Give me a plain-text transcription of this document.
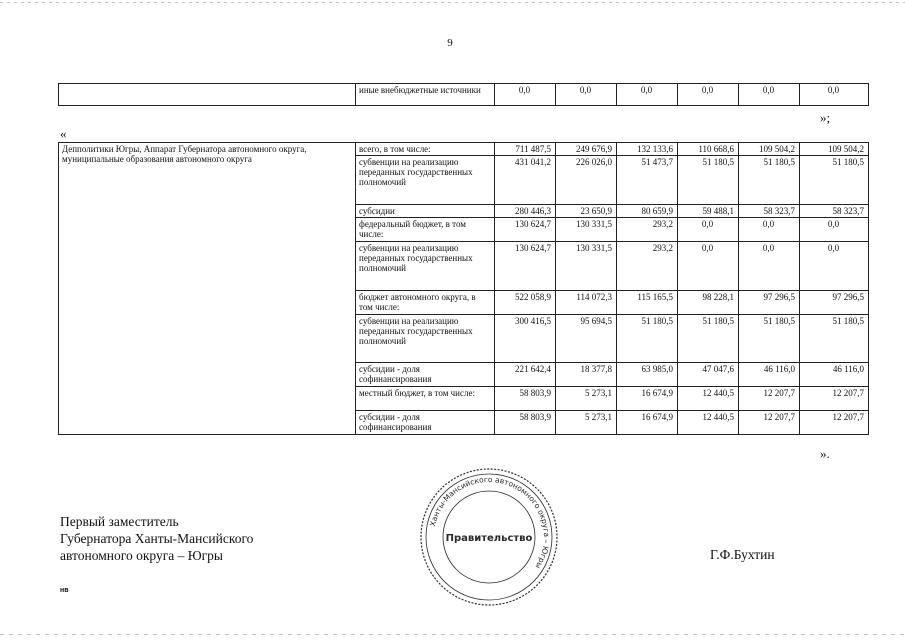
9
	иные внебюджетные источники	0,0	0,0	0,0	0,0	0,0	0,0
»;
«
Депполитики Югры, Аппарат Губернатора автономного округа, муниципальные образования автономного округа	всего, в том числе:	711 487,5	249 676,9	132 133,6	110 668,6	109 504,2	109 504,2
	субвенции на реализацию переданных государственных полномочий	431 041,2	226 026,0	51 473,7	51 180,5	51 180,5	51 180,5
	субсидии	280 446,3	23 650,9	80 659,9	59 488,1	58 323,7	58 323,7
	федеральный бюджет, в том числе:	130 624,7	130 331,5	293,2	0,0	0,0	0,0
	субвенции на реализацию переданных государственных полномочий	130 624,7	130 331,5	293,2	0,0	0,0	0,0
	бюджет автономного округа, в том числе:	522 058,9	114 072,3	115 165,5	98 228,1	97 296,5	97 296,5
	субвенции на реализацию переданных государственных полномочий	300 416,5	95 694,5	51 180,5	51 180,5	51 180,5	51 180,5
	субсидии - доля софинансирования	221 642,4	18 377,8	63 985,0	47 047,6	46 116,0	46 116,0
	местный бюджет, в том числе:	58 803,9	5 273,1	16 674,9	12 440,5	12 207,7	12 207,7
	субсидии - доля софинансирования	58 803,9	5 273,1	16 674,9	12 440,5	12 207,7	12 207,7
».
Первый заместитель
Губернатора Ханты-Мансийского
автономного округа – Югры
Ханты-Мансийского автономного округа – Югры
Правительство
Г.Ф.Бухтин
нв
